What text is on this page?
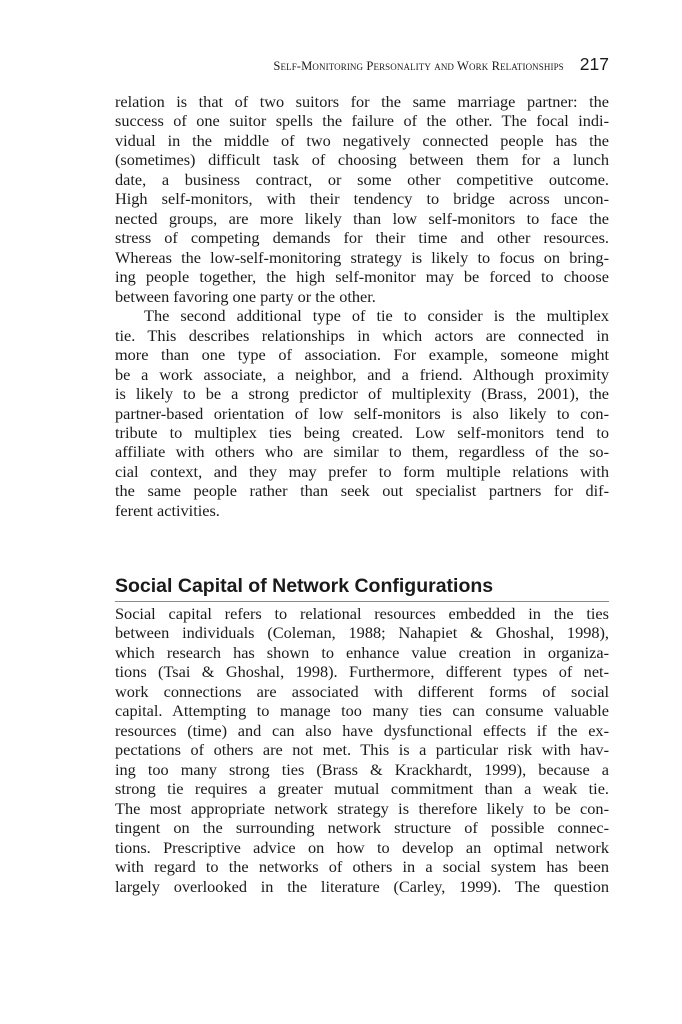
Self-Monitoring Personality and Work Relationships 217

relation is that of two suitors for the same marriage partner: the
success of one suitor spells the failure of the other. The focal indi-
vidual in the middle of two negatively connected people has the
(sometimes) difficult task of choosing between them for a lunch
date, a business contract, or some other competitive outcome.
High self-monitors, with their tendency to bridge across uncon-
nected groups, are more likely than low self-monitors to face the
stress of competing demands for their time and other resources.
Whereas the low-self-monitoring strategy is likely to focus on bring-
ing people together, the high self-monitor may be forced to choose
between favoring one party or the other.

The second additional type of tie to consider is the multiplex
tie. This describes relationships in which actors are connected in
more than one type of association. For example, someone might
be a work associate, a neighbor, and a friend. Although proximity
is likely to be a strong predictor of multiplexity (Brass, 2001), the
partner-based orientation of low self-monitors is also likely to con-
tribute to multiplex ties being created. Low self-monitors tend to
affiliate with others who are similar to them, regardless of the so-
cial context, and they may prefer to form multiple relations with
the same people rather than seek out specialist partners for dif-
ferent activities.

Social Capital of Network Configurations

Social capital refers to relational resources embedded in the ties
between individuals (Coleman, 1988; Nahapiet & Ghoshal, 1998),
which research has shown to enhance value creation in organiza-
tions (Tsai & Ghoshal, 1998). Furthermore, different types of net-
work connections are associated with different forms of social
capital. Attempting to manage too many ties can consume valuable
resources (time) and can also have dysfunctional effects if the ex-
pectations of others are not met. This is a particular risk with hav-
ing too many strong ties (Brass & Krackhardt, 1999), because a
strong tie requires a greater mutual commitment than a weak tie.
The most appropriate network strategy is therefore likely to be con-
tingent on the surrounding network structure of possible connec-
tions. Prescriptive advice on how to develop an optimal network
with regard to the networks of others in a social system has been
largely overlooked in the literature (Carley, 1999). The question
